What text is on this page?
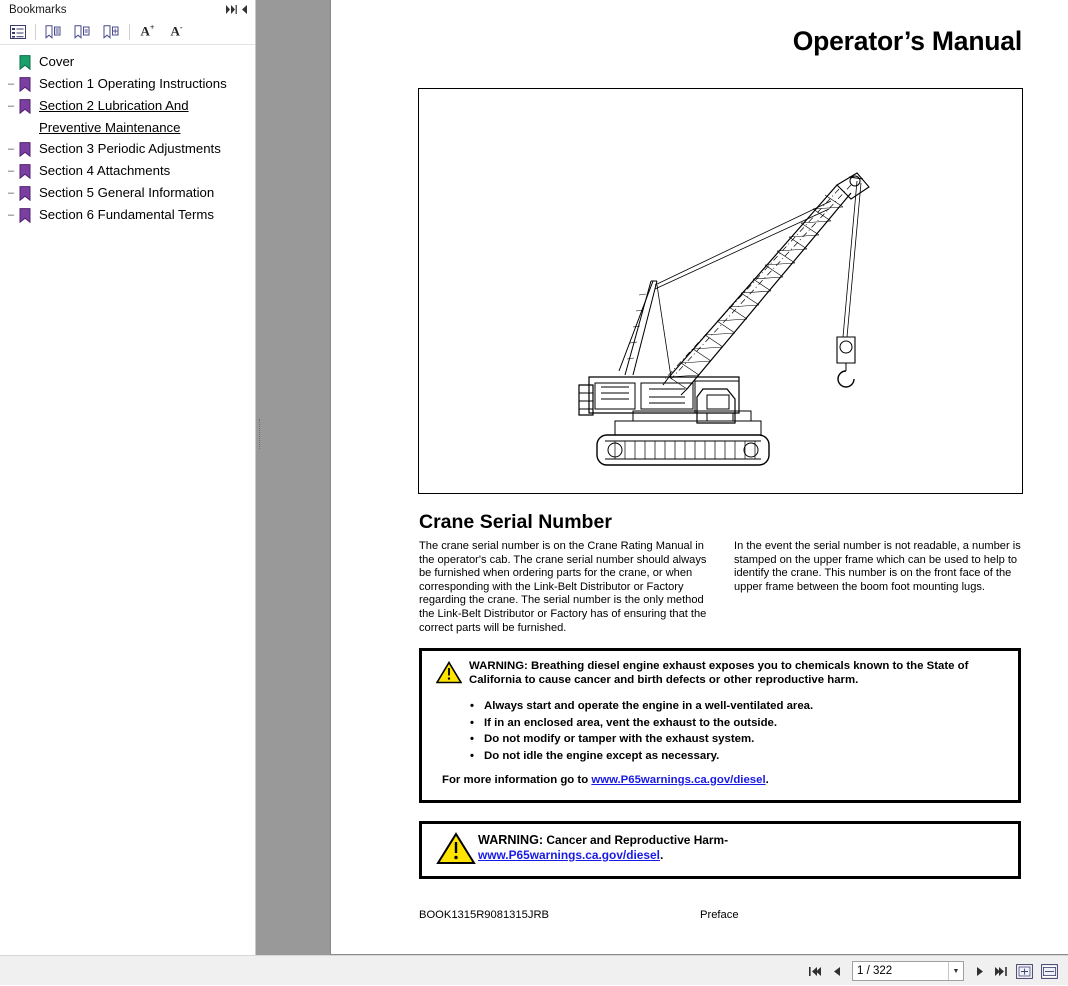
Bookmarks
A+ A-
Cover
–	Section 1 Operating Instructions
–	Section 2 Lubrication And Preventive Maintenance
–	Section 3 Periodic Adjustments
–	Section 4 Attachments
–	Section 5 General Information
–	Section 6 Fundamental Terms
Operator’s Manual
Crane Serial Number
The crane serial number is on the Crane Rating Manual in the operator's cab. The crane serial number should always be furnished when ordering parts for the crane, or when corresponding with the Link-Belt Distributor or Factory regarding the crane. The serial number is the only method the Link-Belt Distributor or Factory has of ensuring that the correct parts will be furnished.
In the event the serial number is not readable, a number is stamped on the upper frame which can be used to help to identify the crane. This number is on the front face of the upper frame between the boom foot mounting lugs.
WARNING: Breathing diesel engine exhaust exposes you to chemicals known to the State of California to cause cancer and birth defects or other reproductive harm.
• Always start and operate the engine in a well-ventilated area.
• If in an enclosed area, vent the exhaust to the outside.
• Do not modify or tamper with the exhaust system.
• Do not idle the engine except as necessary.
For more information go to www.P65warnings.ca.gov/diesel.
WARNING: Cancer and Reproductive Harm-
www.P65warnings.ca.gov/diesel.
BOOK1315R9081315JRB	Preface
1 / 322
▼
